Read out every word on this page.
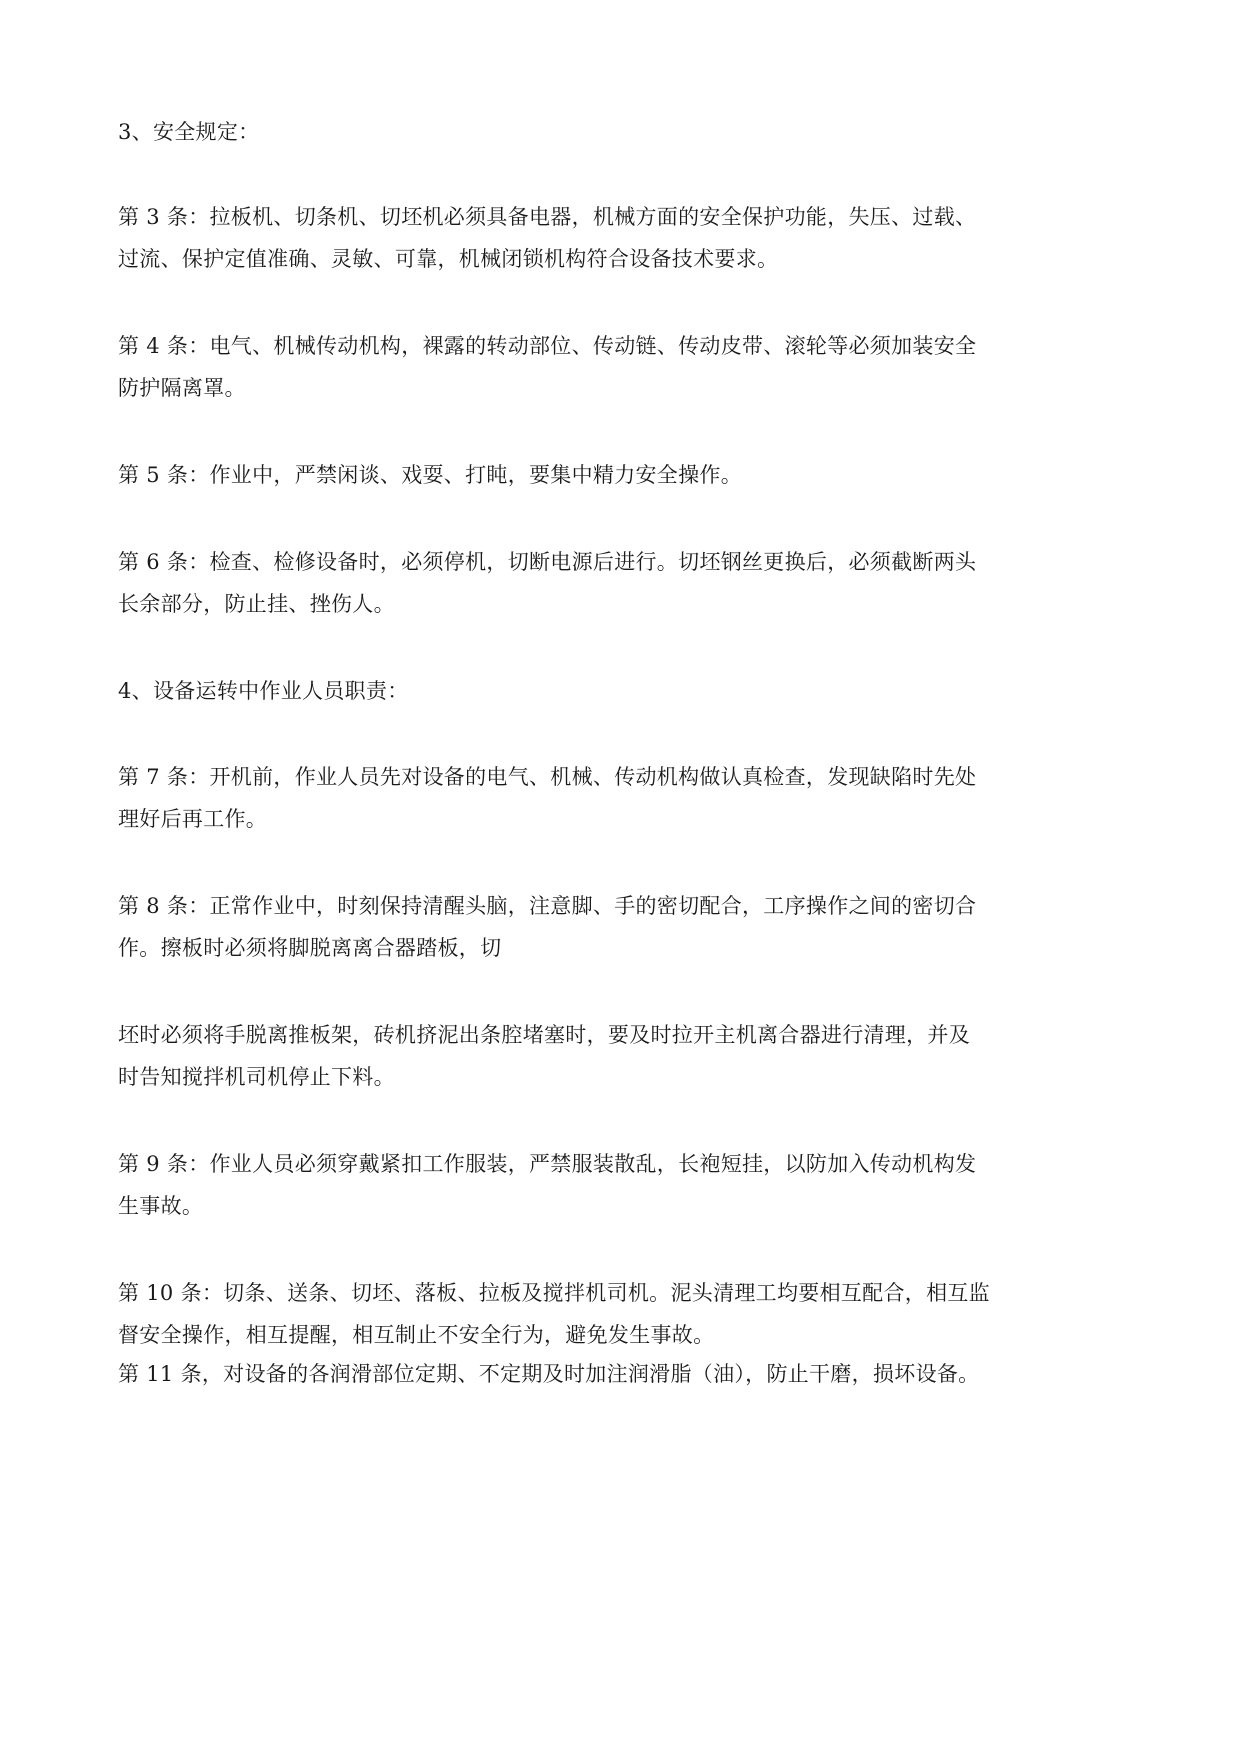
3、安全规定：

第 3 条：拉板机、切条机、切坯机必须具备电器，机械方面的安全保护功能，失压、过载、

过流、保护定值准确、灵敏、可靠，机械闭锁机构符合设备技术要求。

第 4 条：电气、机械传动机构，裸露的转动部位、传动链、传动皮带、滚轮等必须加装安全

防护隔离罩。

第 5 条：作业中，严禁闲谈、戏耍、打盹，要集中精力安全操作。

第 6 条：检查、检修设备时，必须停机，切断电源后进行。切坯钢丝更换后，必须截断两头

长余部分，防止挂、挫伤人。

4、设备运转中作业人员职责：

第 7 条：开机前，作业人员先对设备的电气、机械、传动机构做认真检查，发现缺陷时先处

理好后再工作。

第 8 条：正常作业中，时刻保持清醒头脑，注意脚、手的密切配合，工序操作之间的密切合

作。擦板时必须将脚脱离离合器踏板，切

坯时必须将手脱离推板架，砖机挤泥出条腔堵塞时，要及时拉开主机离合器进行清理，并及

时告知搅拌机司机停止下料。

第 9 条：作业人员必须穿戴紧扣工作服装，严禁服装散乱，长袍短挂，以防加入传动机构发

生事故。

第 10 条：切条、送条、切坯、落板、拉板及搅拌机司机。泥头清理工均要相互配合，相互监

督安全操作，相互提醒，相互制止不安全行为，避免发生事故。

第 11 条，对设备的各润滑部位定期、不定期及时加注润滑脂（油），防止干磨，损坏设备。
